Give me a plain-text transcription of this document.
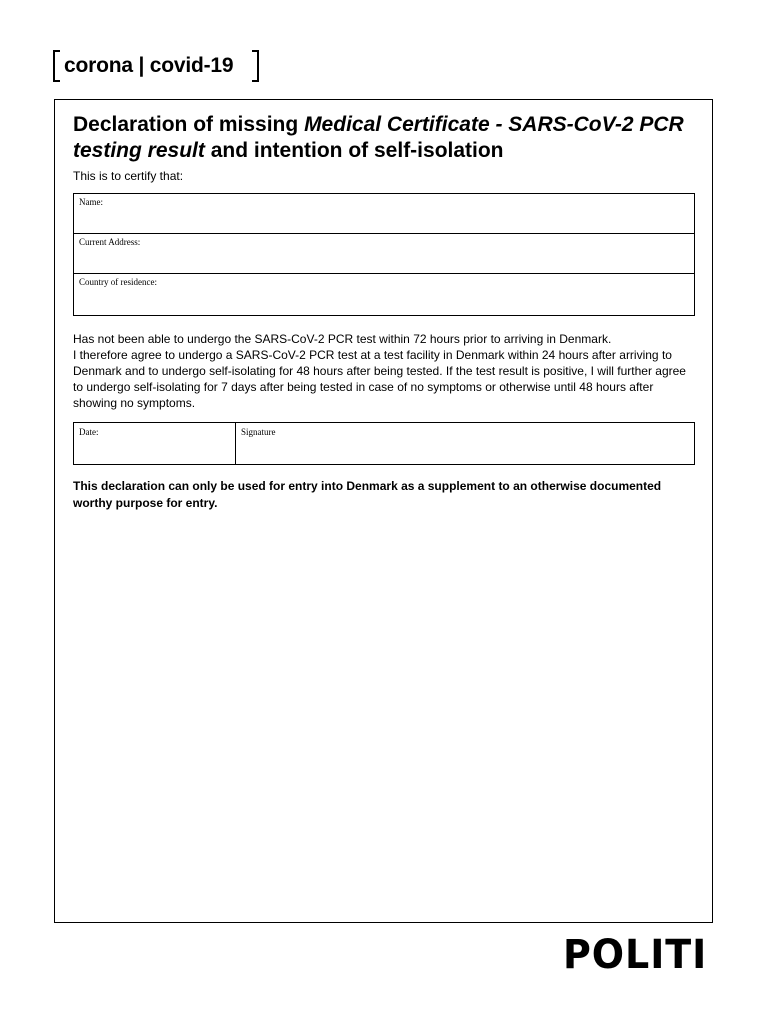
corona | covid-19
Declaration of missing Medical Certificate - SARS-CoV-2 PCR testing result and intention of self-isolation

This is to certify that:

Name:
Current Address:
Country of residence:

Has not been able to undergo the SARS-CoV-2 PCR test within 72 hours prior to arriving in Denmark.

I therefore agree to undergo a SARS-CoV-2 PCR test at a test facility in Denmark within 24 hours after arriving to Denmark and to undergo self-isolating for 48 hours after being tested. If the test result is positive, I will further agree to undergo self-isolating for 7 days after being tested in case of no symptoms or otherwise until 48 hours after showing no symptoms.

Date:	Signature

This declaration can only be used for entry into Denmark as a supplement to an otherwise documented worthy purpose for entry.

POLITI
